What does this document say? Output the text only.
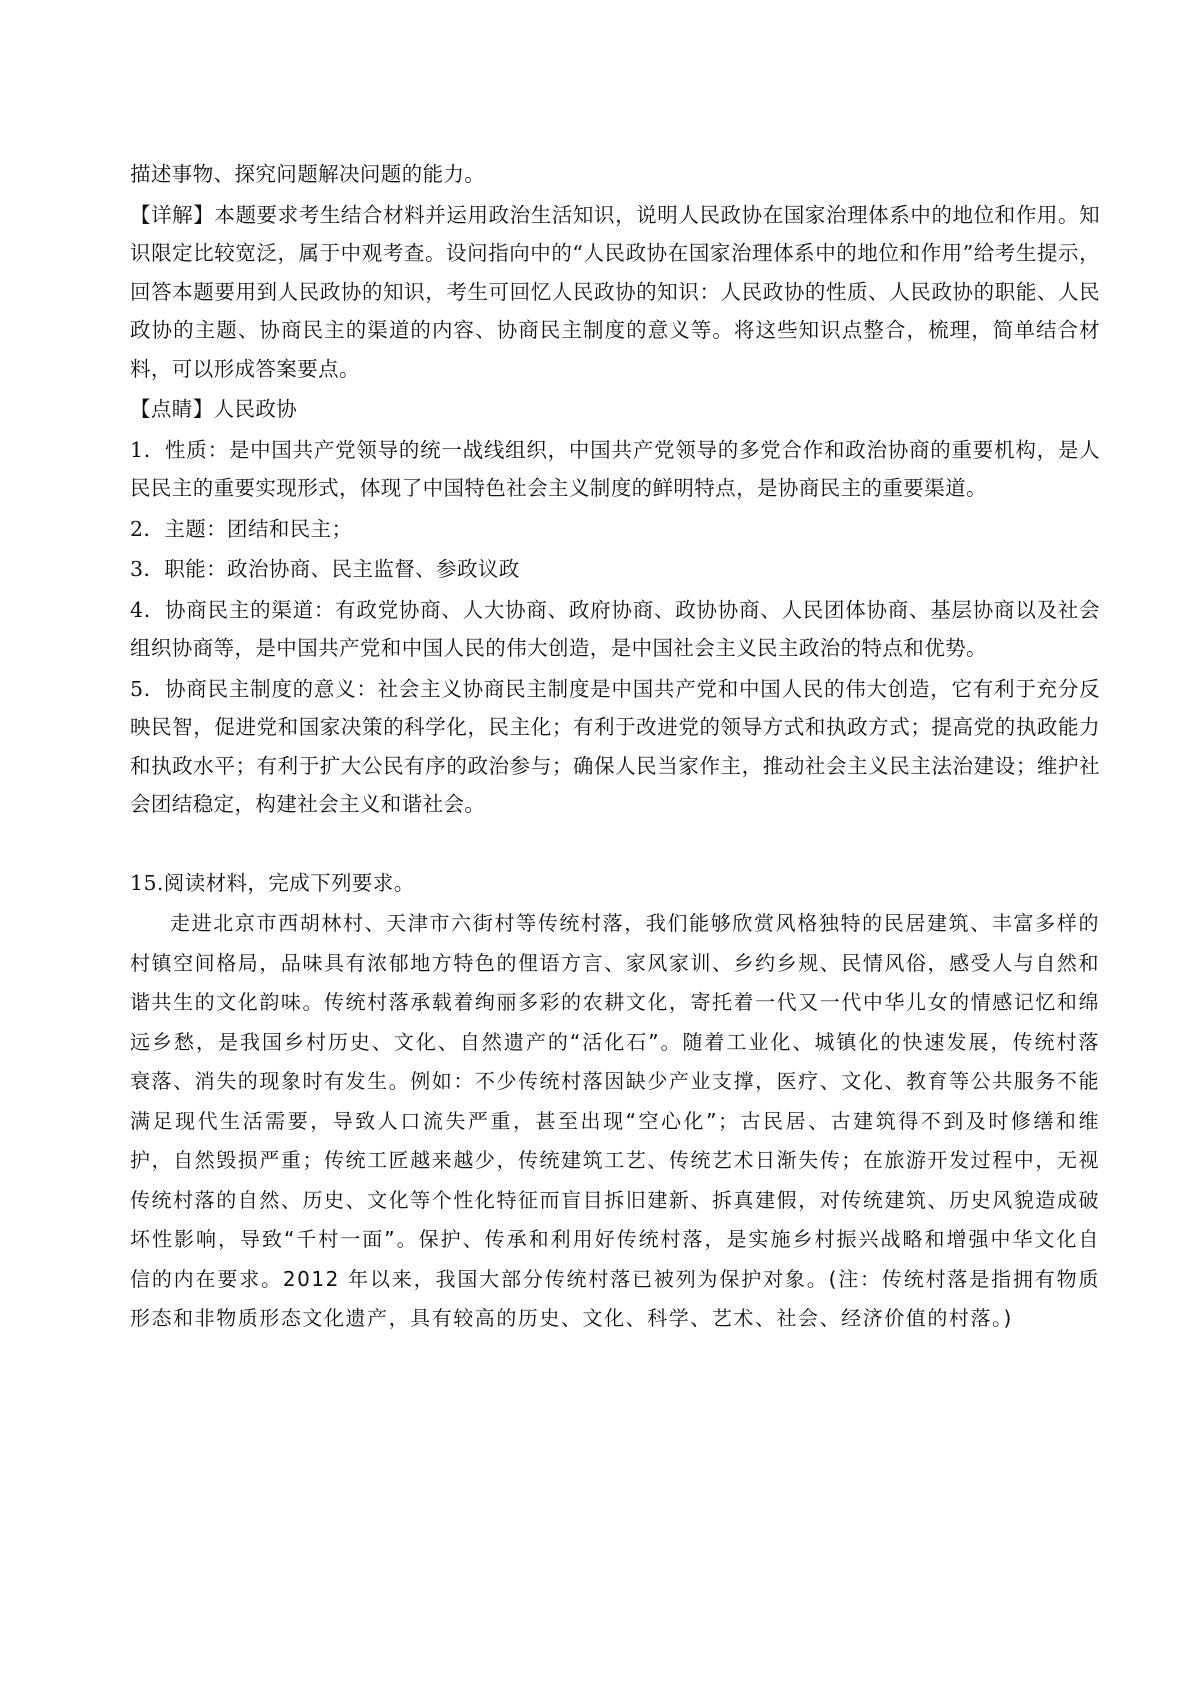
描述事物、探究问题解决问题的能力。

【详解】本题要求考生结合材料并运用政治生活知识，说明人民政协在国家治理体系中的地位和作用。知识限定比较宽泛，属于中观考查。设问指向中的“人民政协在国家治理体系中的地位和作用”给考生提示，回答本题要用到人民政协的知识，考生可回忆人民政协的知识：人民政协的性质、人民政协的职能、人民政协的主题、协商民主的渠道的内容、协商民主制度的意义等。将这些知识点整合，梳理，简单结合材料，可以形成答案要点。

【点睛】人民政协

1．性质：是中国共产党领导的统一战线组织，中国共产党领导的多党合作和政治协商的重要机构，是人民民主的重要实现形式，体现了中国特色社会主义制度的鲜明特点，是协商民主的重要渠道。

2．主题：团结和民主；

3．职能：政治协商、民主监督、参政议政

4．协商民主的渠道：有政党协商、人大协商、政府协商、政协协商、人民团体协商、基层协商以及社会组织协商等，是中国共产党和中国人民的伟大创造，是中国社会主义民主政治的特点和优势。

5．协商民主制度的意义：社会主义协商民主制度是中国共产党和中国人民的伟大创造，它有利于充分反映民智，促进党和国家决策的科学化，民主化；有利于改进党的领导方式和执政方式；提高党的执政能力和执政水平；有利于扩大公民有序的政治参与；确保人民当家作主，推动社会主义民主法治建设；维护社会团结稳定，构建社会主义和谐社会。

15.阅读材料，完成下列要求。

走进北京市西胡林村、天津市六街村等传统村落，我们能够欣赏风格独特的民居建筑、丰富多样的村镇空间格局，品味具有浓郁地方特色的俚语方言、家风家训、乡约乡规、民情风俗，感受人与自然和谐共生的文化韵味。传统村落承载着绚丽多彩的农耕文化，寄托着一代又一代中华儿女的情感记忆和绵远乡愁，是我国乡村历史、文化、自然遗产的“活化石”。随着工业化、城镇化的快速发展，传统村落衰落、消失的现象时有发生。例如：不少传统村落因缺少产业支撑，医疗、文化、教育等公共服务不能满足现代生活需要，导致人口流失严重，甚至出现“空心化”；古民居、古建筑得不到及时修缮和维护，自然毁损严重；传统工匠越来越少，传统建筑工艺、传统艺术日渐失传；在旅游开发过程中，无视传统村落的自然、历史、文化等个性化特征而盲目拆旧建新、拆真建假，对传统建筑、历史风貌造成破坏性影响，导致“千村一面”。保护、传承和利用好传统村落，是实施乡村振兴战略和增强中华文化自信的内在要求。2012 年以来，我国大部分传统村落已被列为保护对象。(注：传统村落是指拥有物质形态和非物质形态文化遗产，具有较高的历史、文化、科学、艺术、社会、经济价值的村落。)
